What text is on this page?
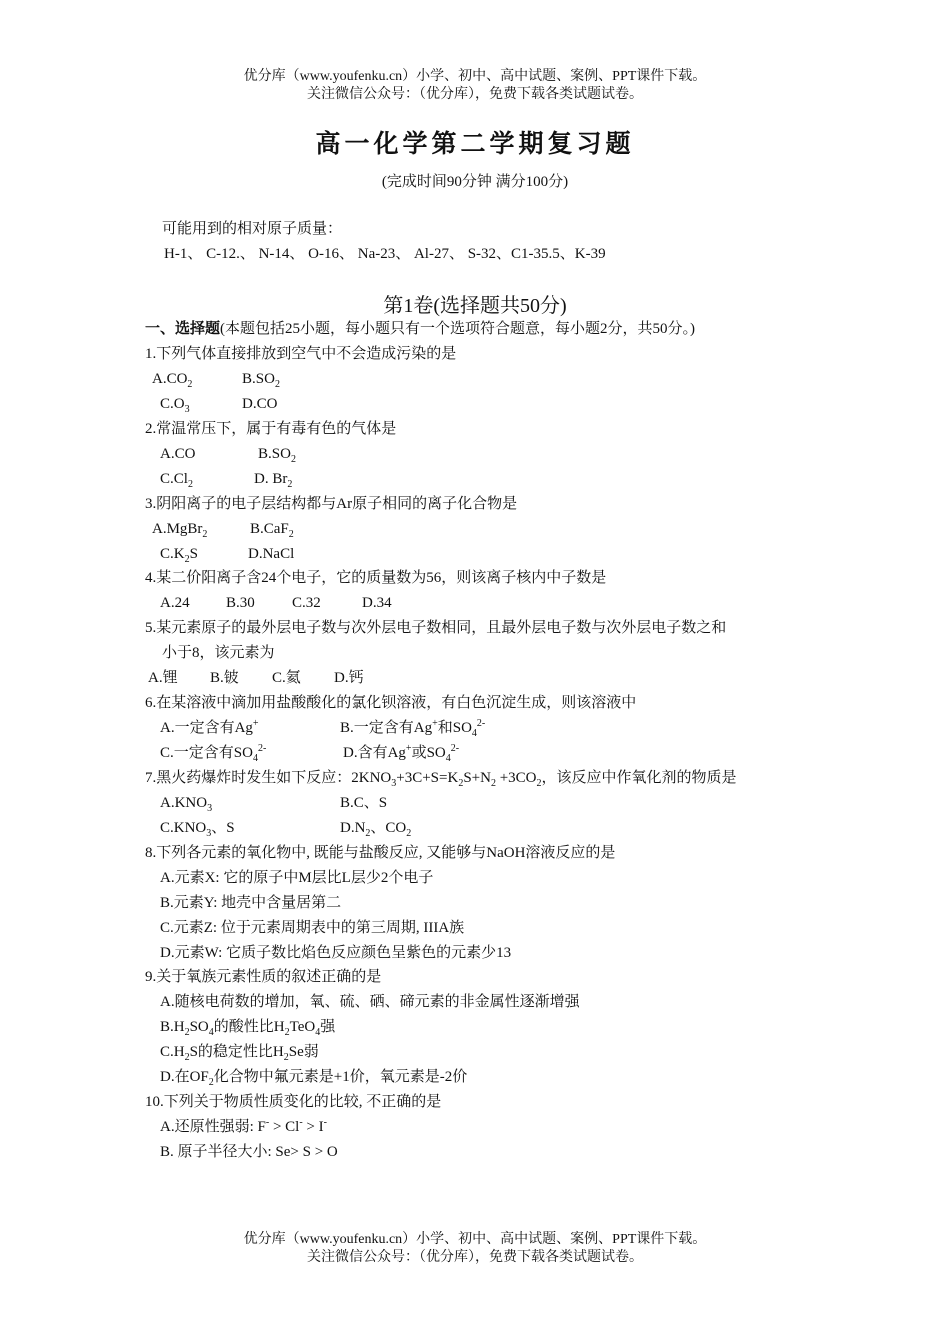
优分库（www.youfenku.cn）小学、初中、高中试题、案例、PPT课件下载。
关注微信公众号：（优分库），免费下载各类试题试卷。
高一化学第二学期复习题
(完成时间90分钟 满分100分)
可能用到的相对原子质量：
H-1、 C-12.、 N-14、 O-16、 Na-23、 Al-27、 S-32、C1-35.5、K-39
第1卷(选择题共50分)
一、选择题(本题包括25小题，每小题只有一个选项符合题意，每小题2分，共50分。)
1.下列气体直接排放到空气中不会造成污染的是
$A.CO_2$	$B.SO_2$
$C.O_3$	D.CO
2.常温常压下，属于有毒有色的气体是
A.CO	$B.SO_2$
$C.Cl_2$	D. $Br_2$
3.阴阳离子的电子层结构都与Ar原子相同的离子化合物是
A.MgBr$_2$	B.CaF$_2$
$C.K_2S$	D.NaCl
4.某二价阳离子含24个电子，它的质量数为56，则该离子核内中子数是
A.24 B.30 C.32	D.34
5.某元素原子的最外层电子数与次外层电子数相同，且最外层电子数与次外层电子数之和
小于8，该元素为
A.锂 B.铍 C.氦 D.钙
6.在某溶液中滴加用盐酸酸化的氯化钡溶液，有白色沉淀生成，则该溶液中
A.一定含有Ag+	B.一定含有Ag+和$SO_4^{2-}$
C.一定含有$SO_4^{2-}$	D.含有Ag+或$SO_4^{2-}$
7.黑火药爆炸时发生如下反应：$2KNO_3+3C+S=K_2S+N_2 +3CO_2$，该反应中作氧化剂的物质是
$A.KNO_3$	B.C、S
$C.KNO_3$、S	$D.N_2$、$CO_2$
8.下列各元素的氧化物中, 既能与盐酸反应, 又能够与NaOH溶液反应的是
A.元素X: 它的原子中M层比L层少2个电子
B.元素Y: 地壳中含量居第二
C.元素Z: 位于元素周期表中的第三周期, IIIA族
D.元素W: 它质子数比焰色反应颜色呈紫色的元素少13
9.关于氧族元素性质的叙述正确的是
A.随核电荷数的增加，氧、硫、硒、碲元素的非金属性逐渐增强
$B.H_2SO_4$的酸性比$H_2TeO_4$强
$C.H_2S$的稳定性比$H_2Se$弱
D.在$OF_2$化合物中氟元素是+1价，氧元素是-2价
10.下列关于物质性质变化的比较, 不正确的是
A.还原性强弱: F- > Cl- > I-
B. 原子半径大小: Se> S > O
优分库（www.youfenku.cn）小学、初中、高中试题、案例、PPT课件下载。
关注微信公众号：（优分库），免费下载各类试题试卷。
